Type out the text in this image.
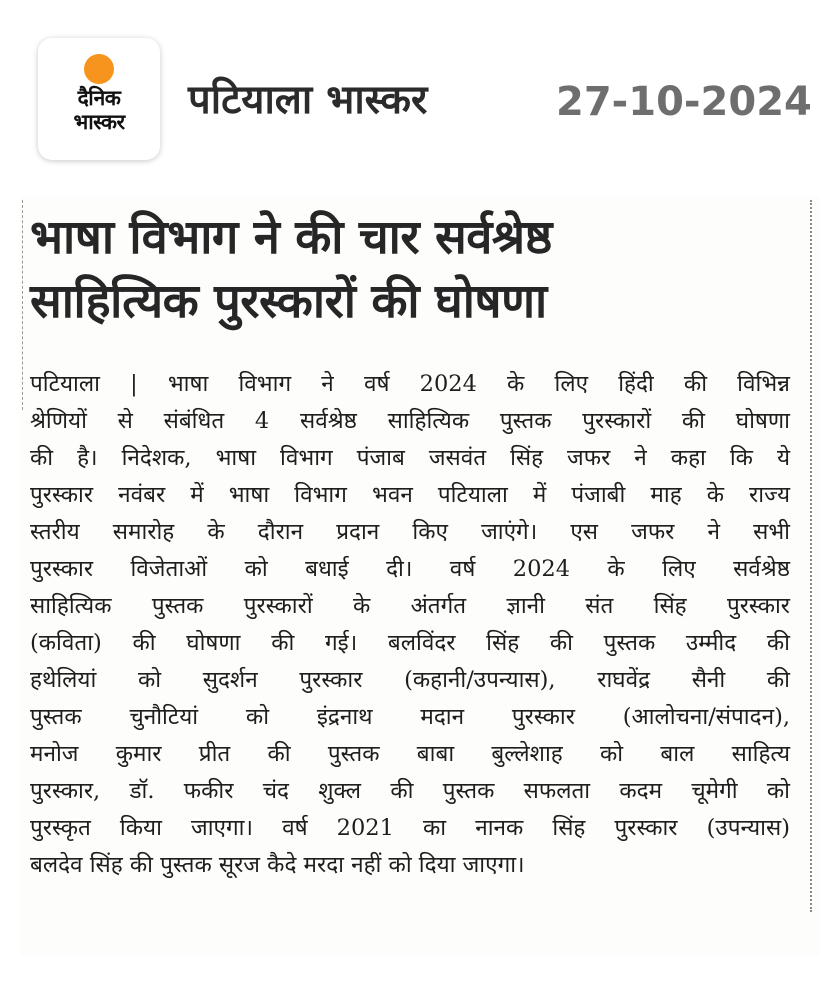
दैनिक
भास्कर	पटियाला भास्कर	27-10-2024
भाषा विभाग ने की चार सर्वश्रेष्ठ
साहित्यिक पुरस्कारों की घोषणा
पटियाला | भाषा विभाग ने वर्ष 2024 के लिए हिंदी की विभिन्न
श्रेणियों से संबंधित 4 सर्वश्रेष्ठ साहित्यिक पुस्तक पुरस्कारों की घोषणा
की है। निदेशक, भाषा विभाग पंजाब जसवंत सिंह जफर ने कहा कि ये
पुरस्कार नवंबर में भाषा विभाग भवन पटियाला में पंजाबी माह के राज्य
स्तरीय समारोह के दौरान प्रदान किए जाएंगे। एस जफर ने सभी
पुरस्कार विजेताओं को बधाई दी। वर्ष 2024 के लिए सर्वश्रेष्ठ
साहित्यिक पुस्तक पुरस्कारों के अंतर्गत ज्ञानी संत सिंह पुरस्कार
(कविता) की घोषणा की गई। बलविंदर सिंह की पुस्तक उम्मीद की
हथेलियां को सुदर्शन पुरस्कार (कहानी/उपन्यास), राघवेंद्र सैनी की
पुस्तक चुनौटियां को इंद्रनाथ मदान पुरस्कार (आलोचना/संपादन),
मनोज कुमार प्रीत की पुस्तक बाबा बुल्लेशाह को बाल साहित्य
पुरस्कार, डॉ. फकीर चंद शुक्ल की पुस्तक सफलता कदम चूमेगी को
पुरस्कृत किया जाएगा। वर्ष 2021 का नानक सिंह पुरस्कार (उपन्यास)
बलदेव सिंह की पुस्तक सूरज कैदे मरदा नहीं को दिया जाएगा।
